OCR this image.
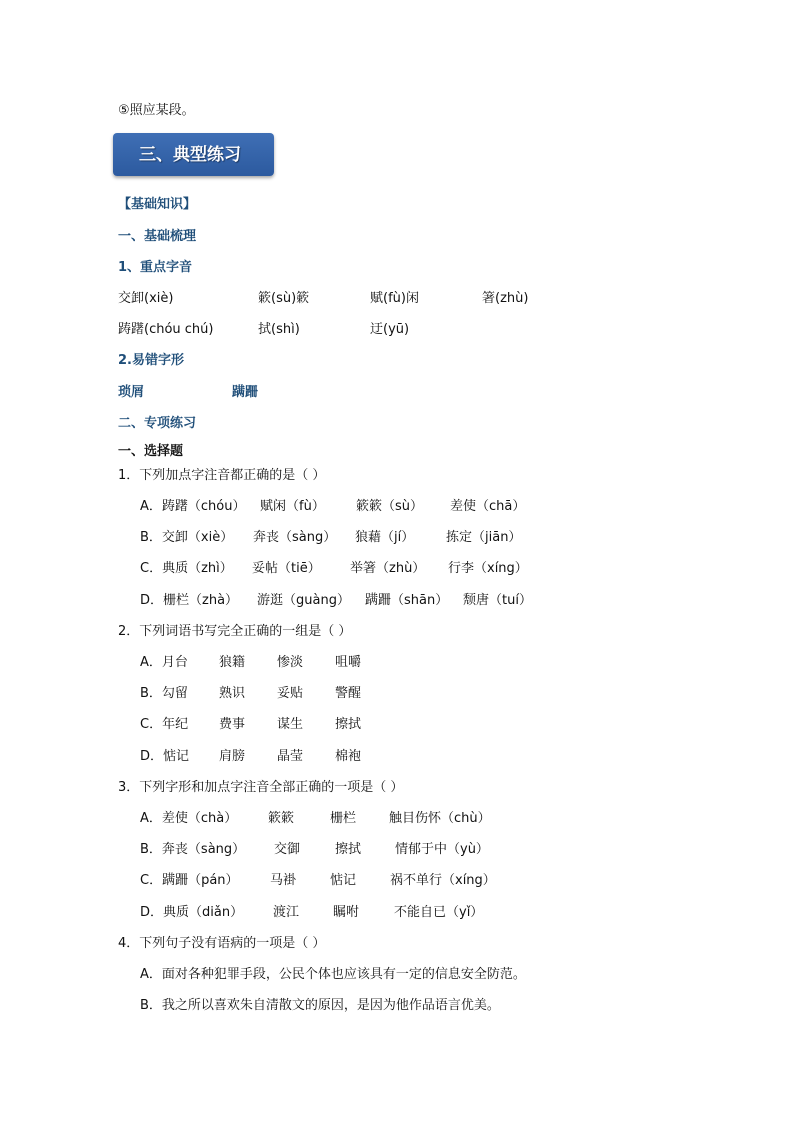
⑤照应某段。
三、典型练习
【基础知识】
一、基础梳理
1、重点字音
交卸(xiè)	簌(sù)簌	赋(fù)闲	箸(zhù)
踌躇(chóu chú)	拭(shì)	迂(yū)
2.易错字形
琐屑	蹒跚
二、专项练习
一、选择题
1．下列加点字注音都正确的是（ ）
A．踌躇（chóu） 赋闲（fù） 簌簌（sù） 差使（chā）
B．交卸（xiè） 奔丧（sàng） 狼藉（jí） 拣定（jiān）
C．典质（zhì） 妥帖（tiē） 举箸（zhù） 行李（xíng）
D．栅栏（zhà） 游逛（guàng） 蹒跚（shān） 颓唐（tuí）
2．下列词语书写完全正确的一组是（ ）
A．月台 狼籍 惨淡 咀嚼
B．勾留 熟识 妥贴 警醒
C．年纪 费事 谋生 擦拭
D．惦记 肩膀 晶莹 棉袍
3．下列字形和加点字注音全部正确的一项是（ ）
A．差使（chà） 簌簌	栅栏	触目伤怀（chù）
B．奔丧（sàng） 交御	擦拭	情郁于中（yù）
C．蹒跚（pán） 马褂	惦记	祸不单行（xíng）
D．典质（diǎn） 渡江	瞩咐	不能自已（yǐ）
4．下列句子没有语病的一项是（ ）
A．面对各种犯罪手段，公民个体也应该具有一定的信息安全防范。
B．我之所以喜欢朱自清散文的原因，是因为他作品语言优美。
